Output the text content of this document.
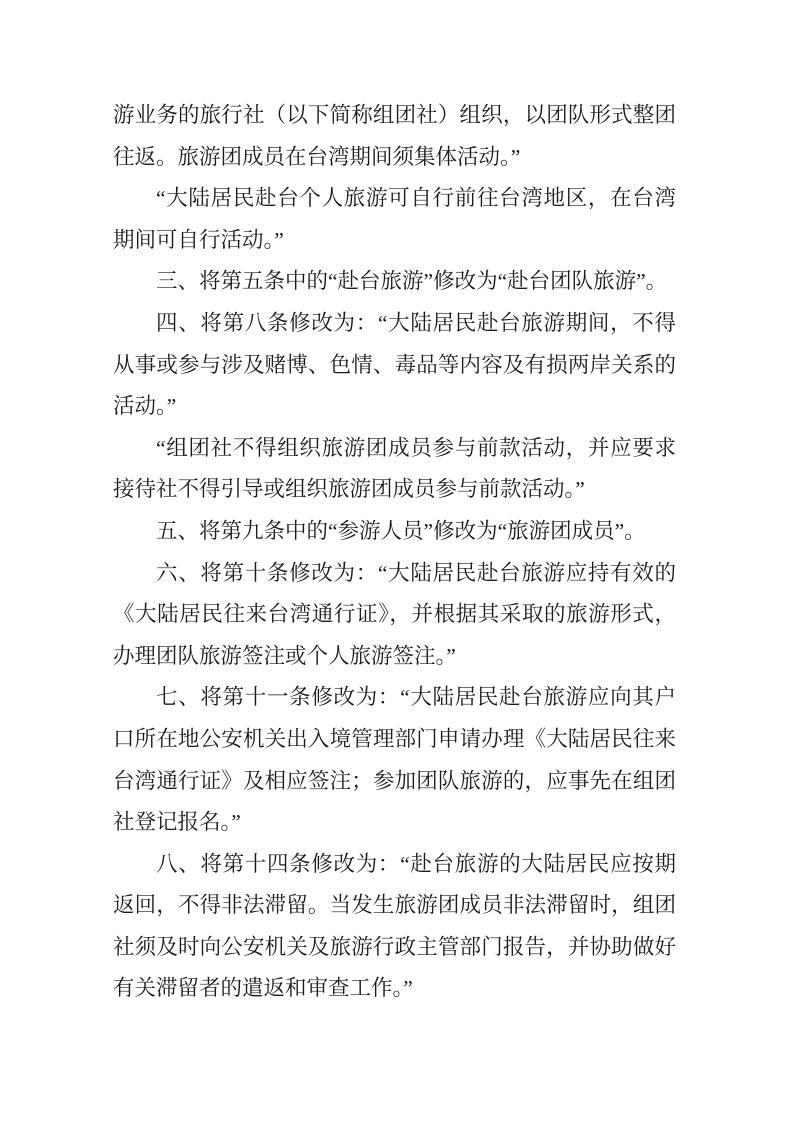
游业务的旅行社（以下简称组团社）组织，以团队形式整团
往返。旅游团成员在台湾期间须集体活动。”
“大陆居民赴台个人旅游可自行前往台湾地区，在台湾
期间可自行活动。”
三、将第五条中的“赴台旅游”修改为“赴台团队旅游”。
四、将第八条修改为：“大陆居民赴台旅游期间，不得
从事或参与涉及赌博、色情、毒品等内容及有损两岸关系的
活动。”
“组团社不得组织旅游团成员参与前款活动，并应要求
接待社不得引导或组织旅游团成员参与前款活动。”
五、将第九条中的“参游人员”修改为“旅游团成员”。
六、将第十条修改为：“大陆居民赴台旅游应持有效的
《大陆居民往来台湾通行证》，并根据其采取的旅游形式，
办理团队旅游签注或个人旅游签注。”
七、将第十一条修改为：“大陆居民赴台旅游应向其户
口所在地公安机关出入境管理部门申请办理《大陆居民往来
台湾通行证》及相应签注；参加团队旅游的，应事先在组团
社登记报名。”
八、将第十四条修改为：“赴台旅游的大陆居民应按期
返回，不得非法滞留。当发生旅游团成员非法滞留时，组团
社须及时向公安机关及旅游行政主管部门报告，并协助做好
有关滞留者的遣返和审查工作。”
